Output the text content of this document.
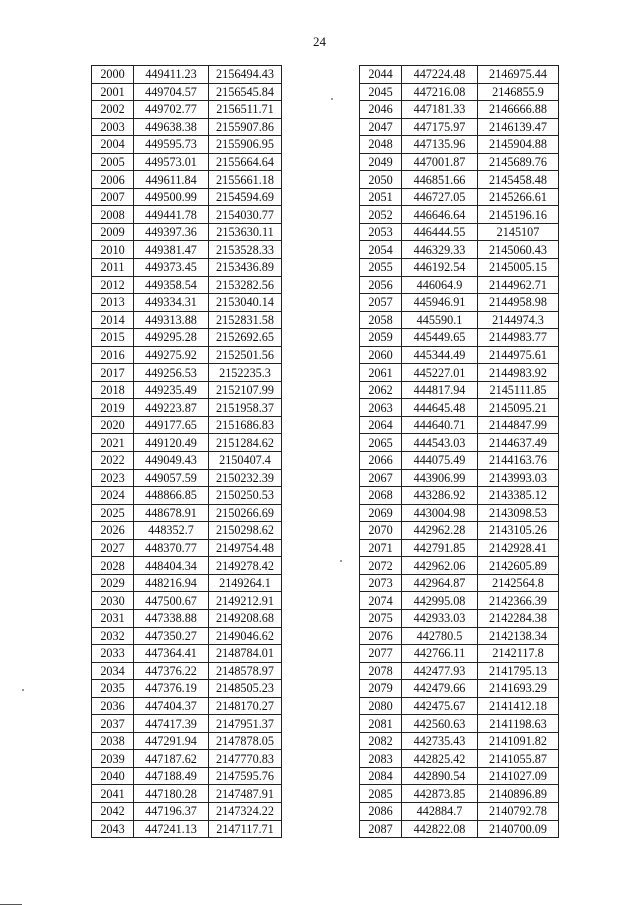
24
2000	449411.23	2156494.43
2001	449704.57	2156545.84
2002	449702.77	2156511.71
2003	449638.38	2155907.86
2004	449595.73	2155906.95
2005	449573.01	2155664.64
2006	449611.84	2155661.18
2007	449500.99	2154594.69
2008	449441.78	2154030.77
2009	449397.36	2153630.11
2010	449381.47	2153528.33
2011	449373.45	2153436.89
2012	449358.54	2153282.56
2013	449334.31	2153040.14
2014	449313.88	2152831.58
2015	449295.28	2152692.65
2016	449275.92	2152501.56
2017	449256.53	2152235.3
2018	449235.49	2152107.99
2019	449223.87	2151958.37
2020	449177.65	2151686.83
2021	449120.49	2151284.62
2022	449049.43	2150407.4
2023	449057.59	2150232.39
2024	448866.85	2150250.53
2025	448678.91	2150266.69
2026	448352.7	2150298.62
2027	448370.77	2149754.48
2028	448404.34	2149278.42
2029	448216.94	2149264.1
2030	447500.67	2149212.91
2031	447338.88	2149208.68
2032	447350.27	2149046.62
2033	447364.41	2148784.01
2034	447376.22	2148578.97
2035	447376.19	2148505.23
2036	447404.37	2148170.27
2037	447417.39	2147951.37
2038	447291.94	2147878.05
2039	447187.62	2147770.83
2040	447188.49	2147595.76
2041	447180.28	2147487.91
2042	447196.37	2147324.22
2043	447241.13	2147117.71
2044	447224.48	2146975.44
2045	447216.08	2146855.9
2046	447181.33	2146666.88
2047	447175.97	2146139.47
2048	447135.96	2145904.88
2049	447001.87	2145689.76
2050	446851.66	2145458.48
2051	446727.05	2145266.61
2052	446646.64	2145196.16
2053	446444.55	2145107
2054	446329.33	2145060.43
2055	446192.54	2145005.15
2056	446064.9	2144962.71
2057	445946.91	2144958.98
2058	445590.1	2144974.3
2059	445449.65	2144983.77
2060	445344.49	2144975.61
2061	445227.01	2144983.92
2062	444817.94	2145111.85
2063	444645.48	2145095.21
2064	444640.71	2144847.99
2065	444543.03	2144637.49
2066	444075.49	2144163.76
2067	443906.99	2143993.03
2068	443286.92	2143385.12
2069	443004.98	2143098.53
2070	442962.28	2143105.26
2071	442791.85	2142928.41
2072	442962.06	2142605.89
2073	442964.87	2142564.8
2074	442995.08	2142366.39
2075	442933.03	2142284.38
2076	442780.5	2142138.34
2077	442766.11	2142117.8
2078	442477.93	2141795.13
2079	442479.66	2141693.29
2080	442475.67	2141412.18
2081	442560.63	2141198.63
2082	442735.43	2141091.82
2083	442825.42	2141055.87
2084	442890.54	2141027.09
2085	442873.85	2140896.89
2086	442884.7	2140792.78
2087	442822.08	2140700.09
